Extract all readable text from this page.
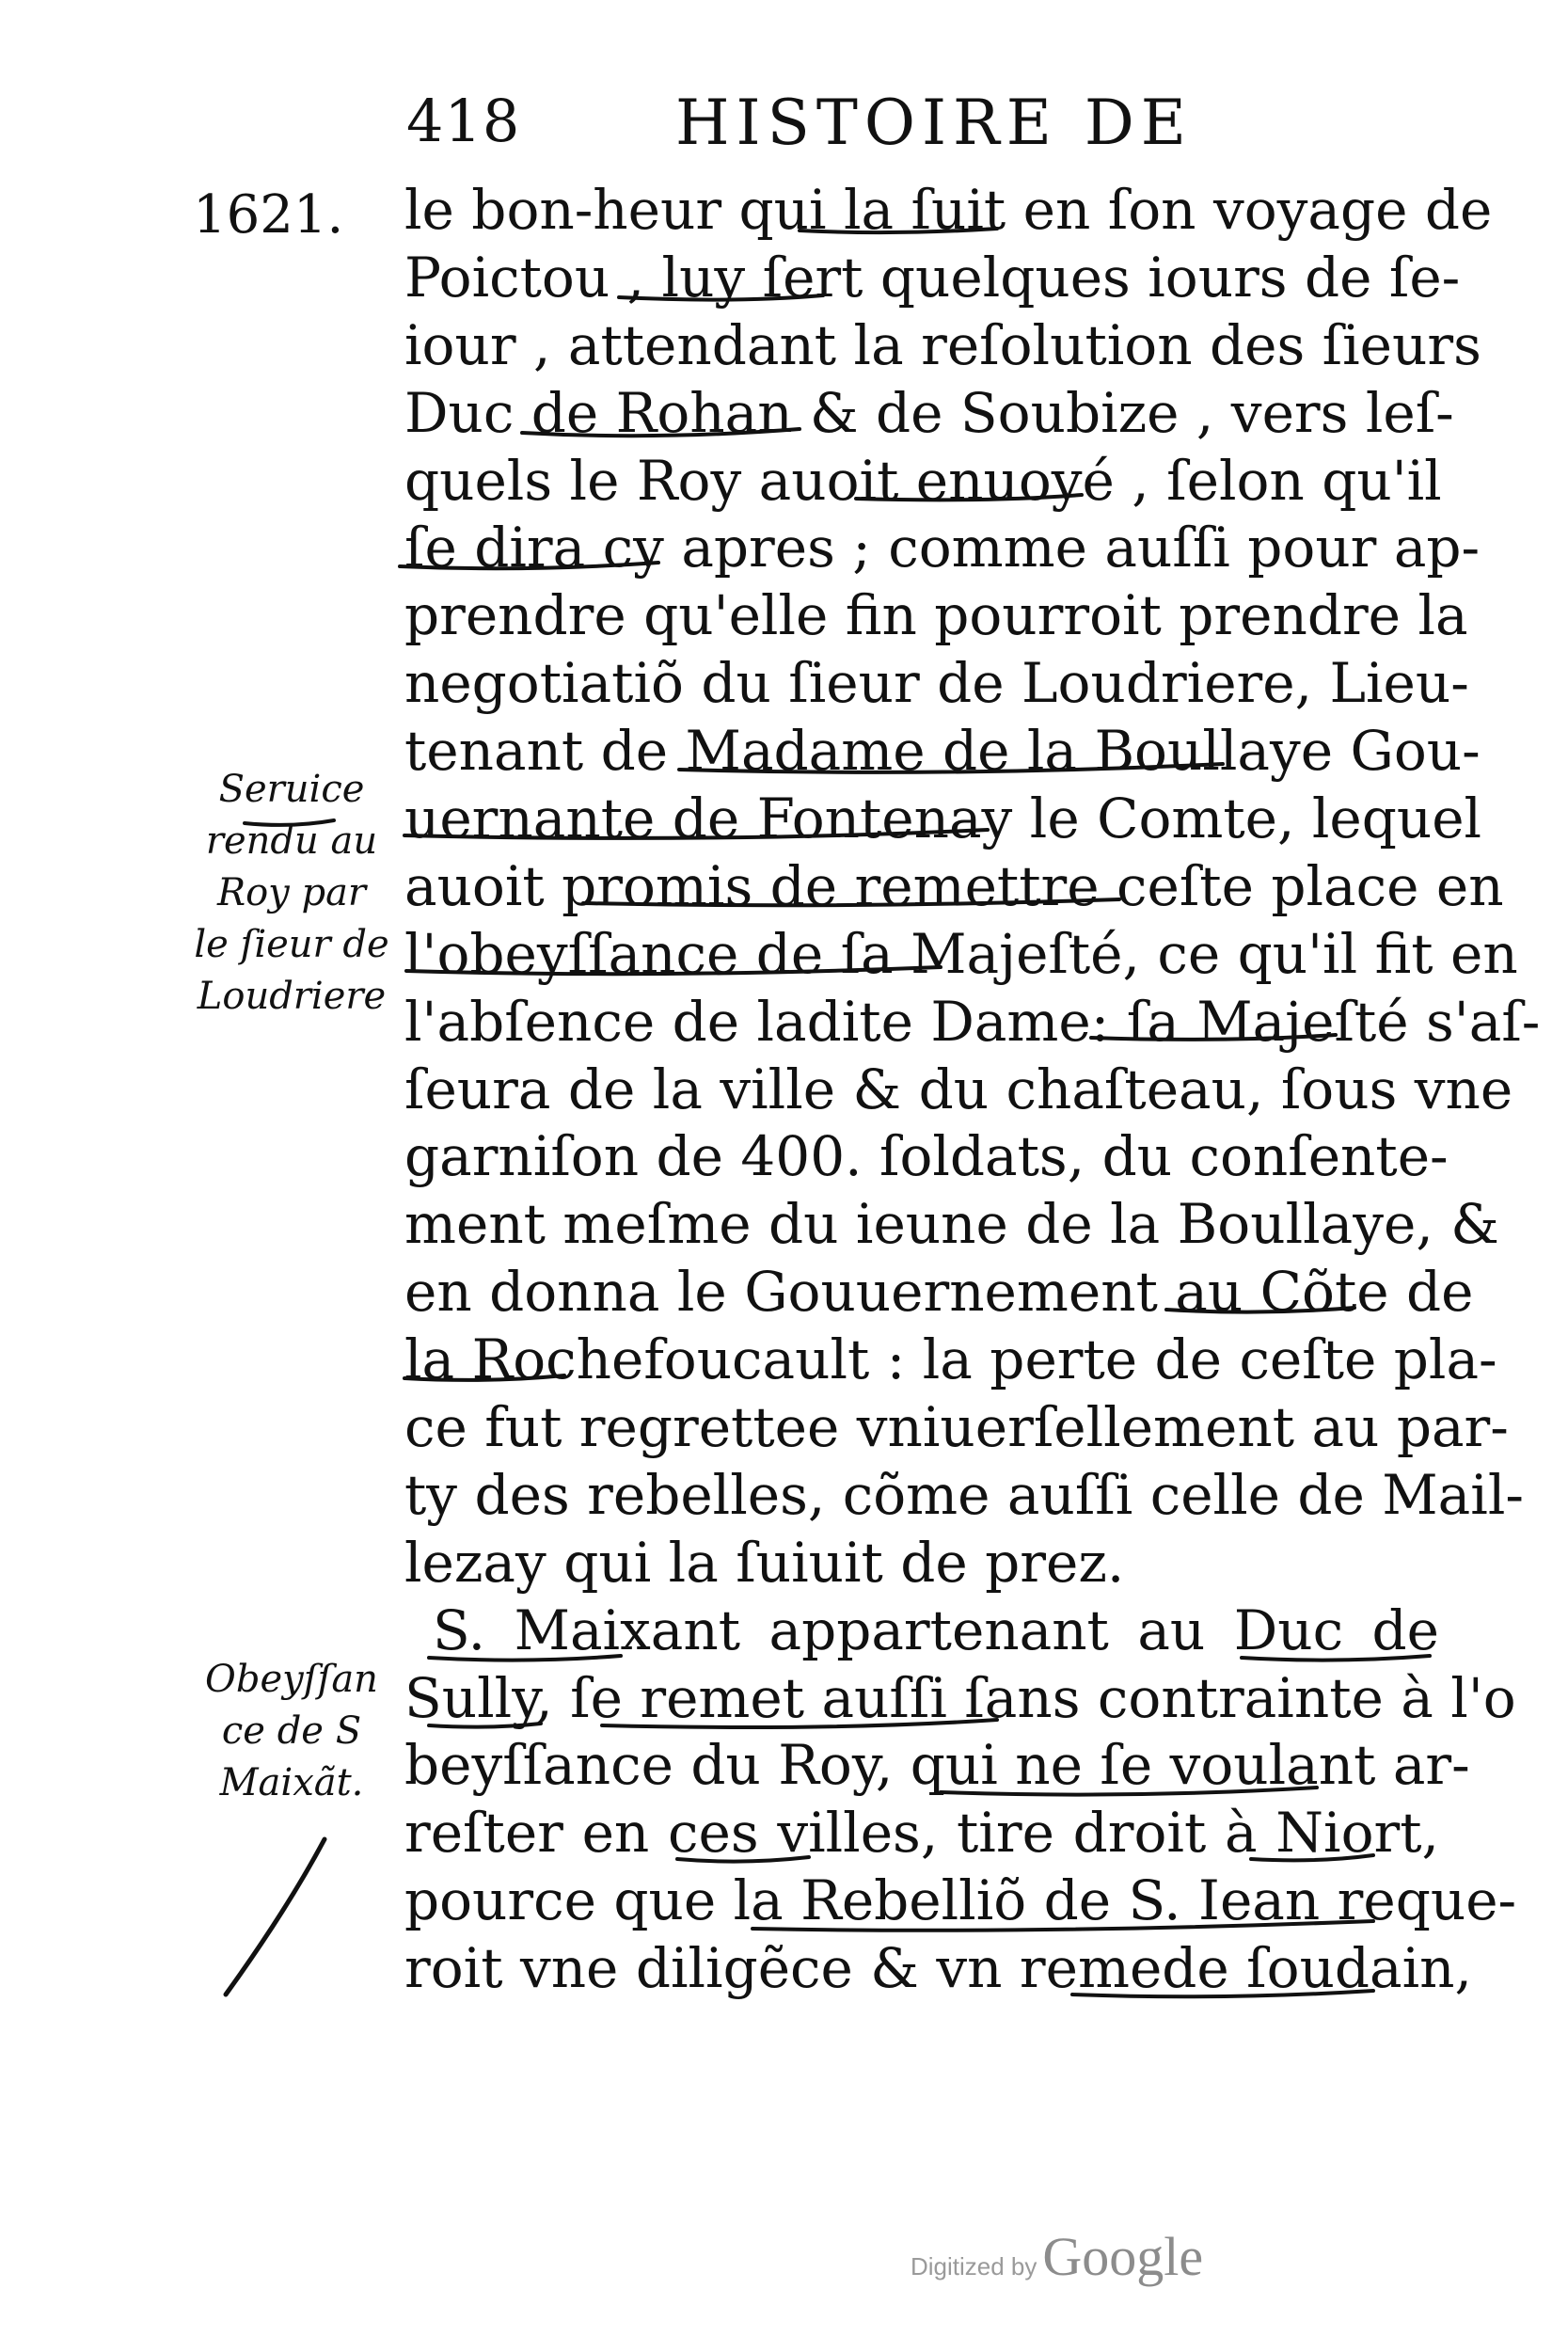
418 HISTOIRE DE
1621. le bon-heur qui la ſuit en ſon voyage de
Poictou , luy ſert quelques iours de ſe-
iour , attendant la reſolution des ſieurs
Duc de Rohan & de Soubize , vers leſ-
quels le Roy auoit enuoyé , ſelon qu'il
ſe dira cy apres ; comme auſſi pour ap-
prendre qu'elle fin pourroit prendre la
negotiatiõ du ſieur de Loudriere, Lieu-
tenant de Madame de la Boullaye Gou-
uernante de Fontenay le Comte, lequel
auoit promis de remettre ceſte place en
l'obeyſſance de ſa Majeſté, ce qu'il fit en
l'abſence de ladite Dame: ſa Majeſté s'aſ-
ſeura de la ville & du chaſteau, ſous vne
garniſon de 400. ſoldats, du conſente-
ment meſme du ieune de la Boullaye, &
en donna le Gouuernement au Cõte de
la Rochefoucault : la perte de ceſte pla-
ce fut regrettee vniuerſellement au par-
ty des rebelles, cõme auſſi celle de Mail-
lezay qui la ſuiuit de prez.
S. Maixant appartenant au Duc de
Sully, ſe remet auſſi ſans contrainte à l'o
beyſſance du Roy, qui ne ſe voulant ar-
reſter en ces villes, tire droit à Niort,
pource que la Rebelliõ de S. Iean reque-
roit vne diligẽce & vn remede ſoudain,
Seruice
rendu au
Roy par
le ſieur de
Loudriere
Obeyſſan
ce de S
Maixãt.
Digitized by Google
